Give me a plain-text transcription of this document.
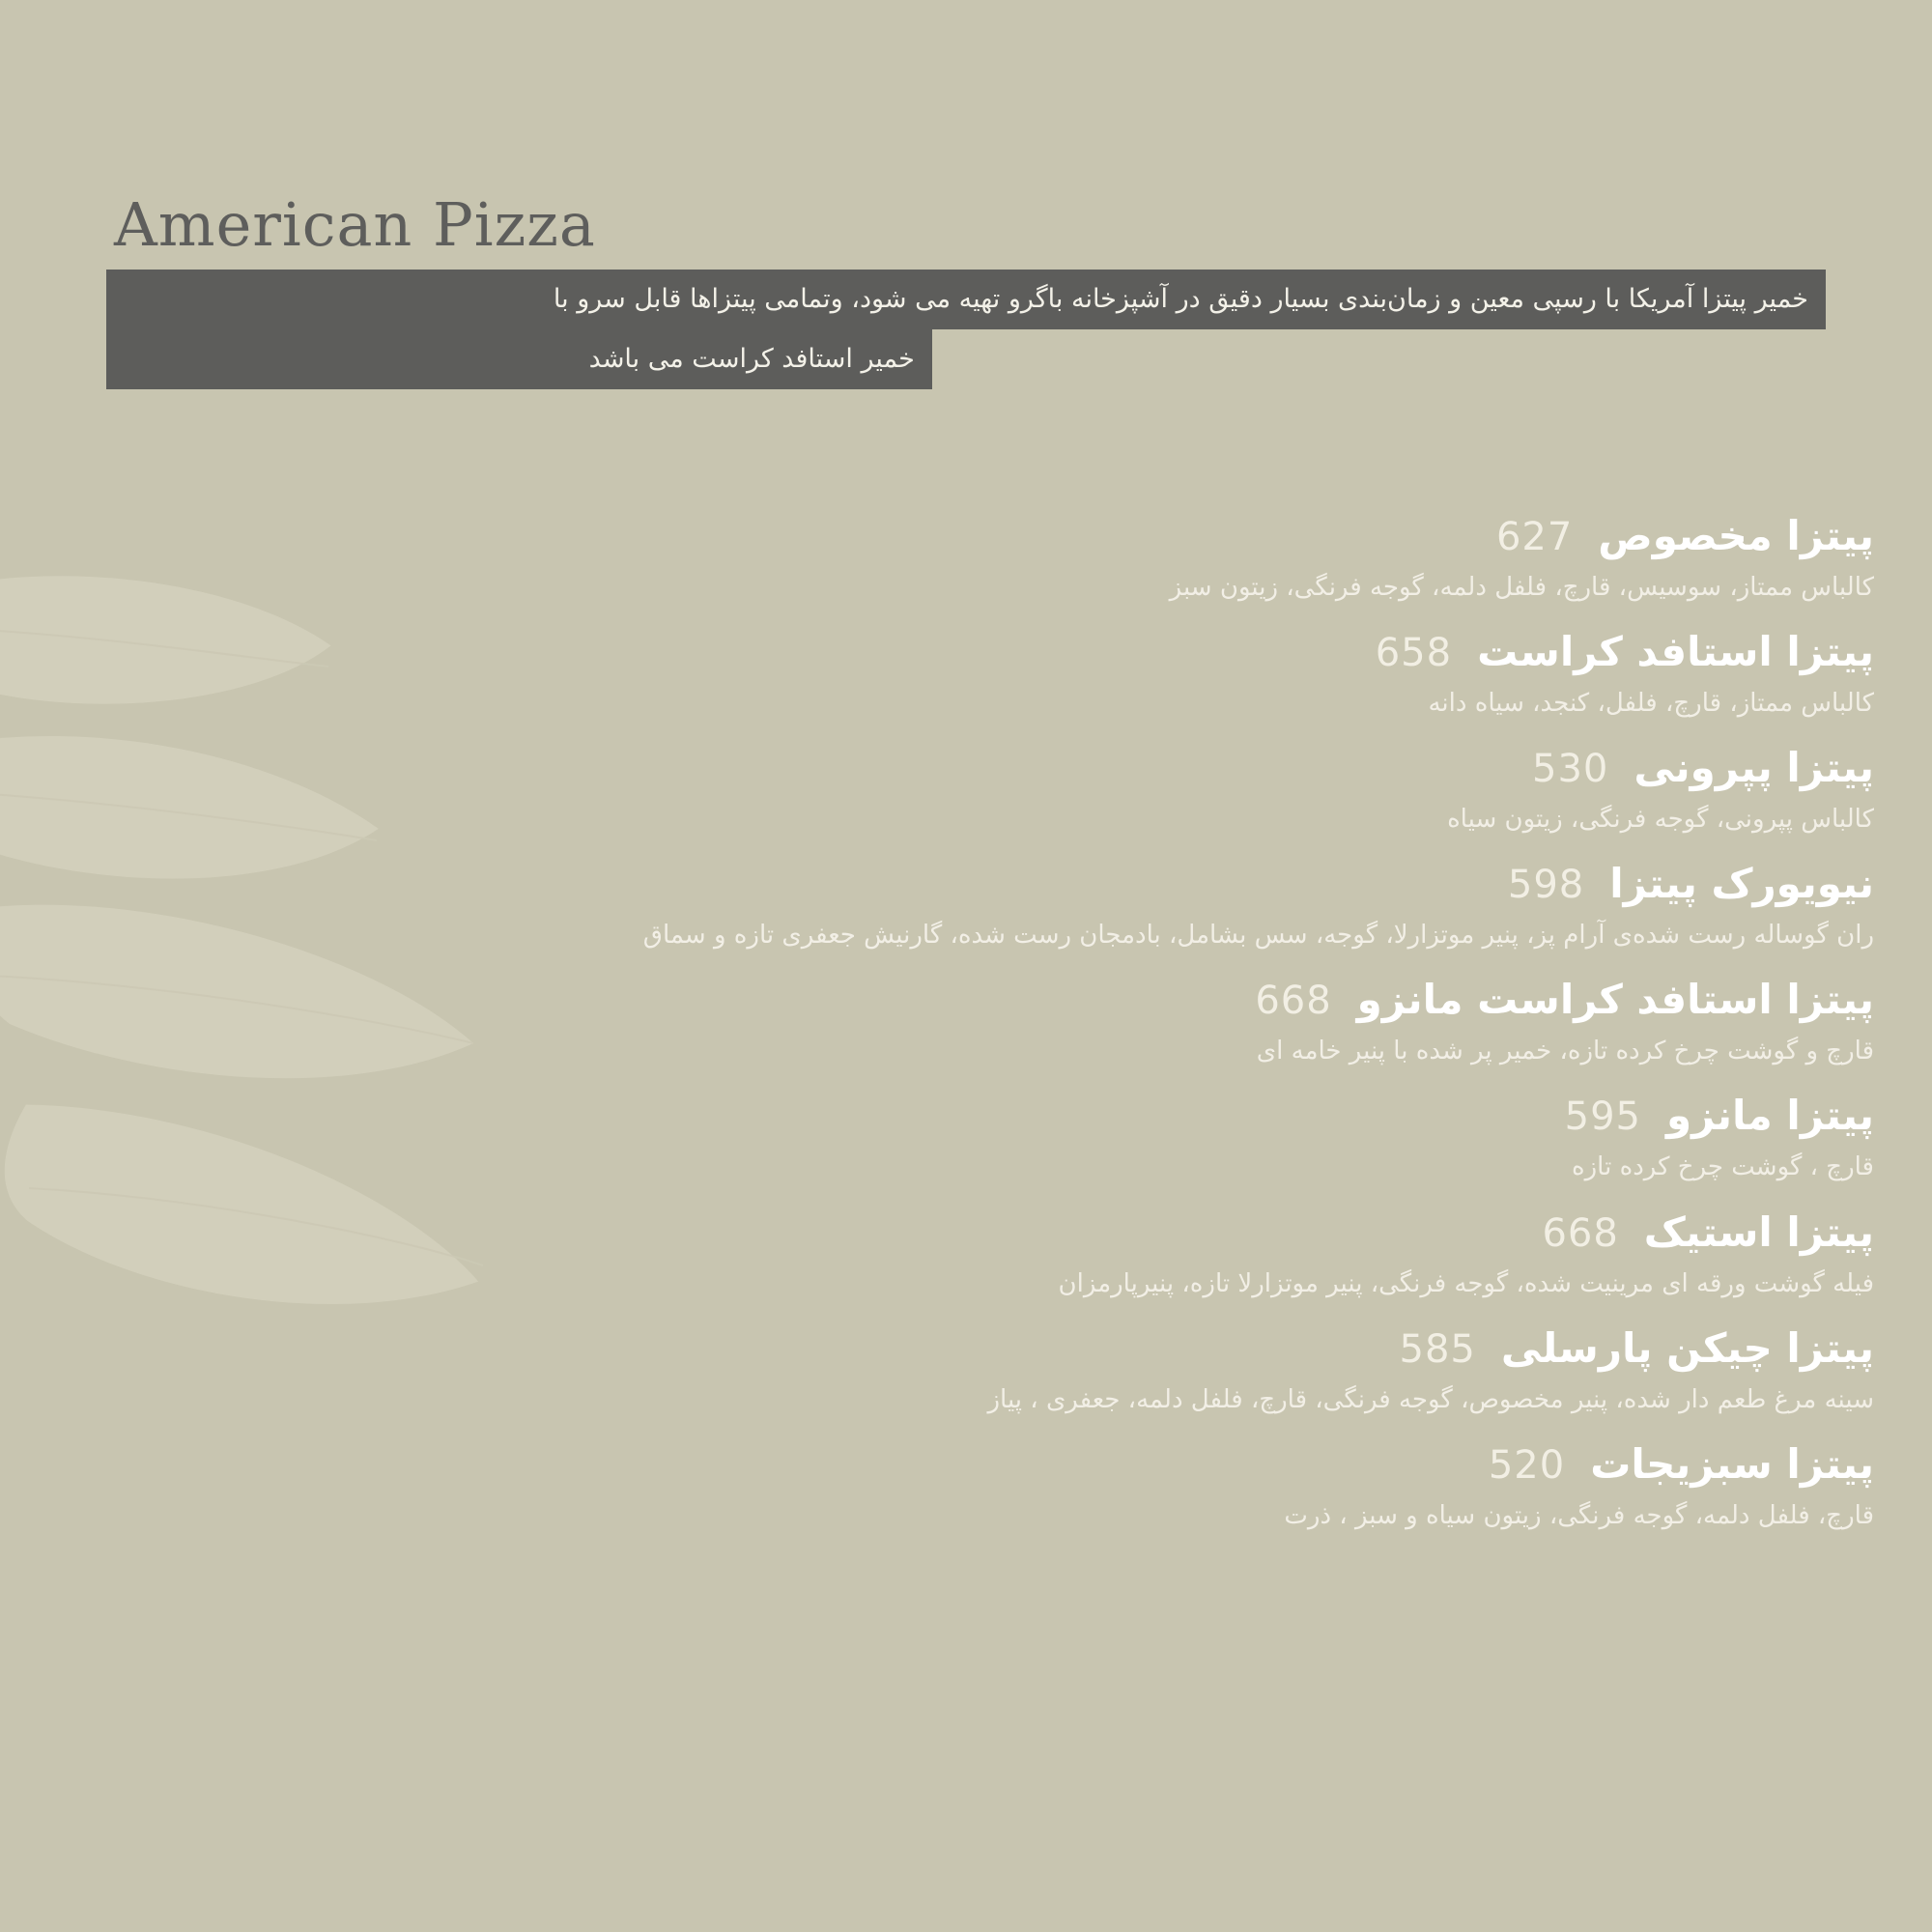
American Pizza
خمیر پیتزا آمریکا با رسپی معین و زمان‌بندی بسیار دقیق در آشپزخانه باگرو تهیه می شود، وتمامی پیتزاها قابل سرو با
خمیر استافد کراست می باشد
پیتزا مخصوص
627
کالباس ممتاز، سوسیس، قارچ، فلفل دلمه، گوجه فرنگی، زیتون سبز
پیتزا استافد کراست
658
کالباس ممتاز، قارچ، فلفل، کنجد، سیاه دانه
پیتزا پپرونی
530
کالباس پپرونی، گوجه فرنگی، زیتون سیاه
نیویورک پیتزا
598
ران گوساله رست شده‌ی آرام پز، پنیر موتزارلا، گوجه، سس بشامل، بادمجان رست شده، گارنیش جعفری تازه و سماق
پیتزا استافد کراست مانزو
668
قارچ و گوشت چرخ کرده تازه، خمیر پر شده با پنیر خامه ای
پیتزا مانزو
595
قارچ ، گوشت چرخ کرده تازه
پیتزا استیک
668
فیله گوشت ورقه ای مرینیت شده، گوجه فرنگی، پنیر موتزارلا تازه، پنیرپارمزان
پیتزا چیکن پارسلی
585
سینه مرغ طعم دار شده، پنیر مخصوص، گوجه فرنگی، قارچ، فلفل دلمه، جعفری ، پیاز
پیتزا سبزیجات
520
قارچ، فلفل دلمه، گوجه فرنگی، زیتون سیاه و سبز ، ذرت
